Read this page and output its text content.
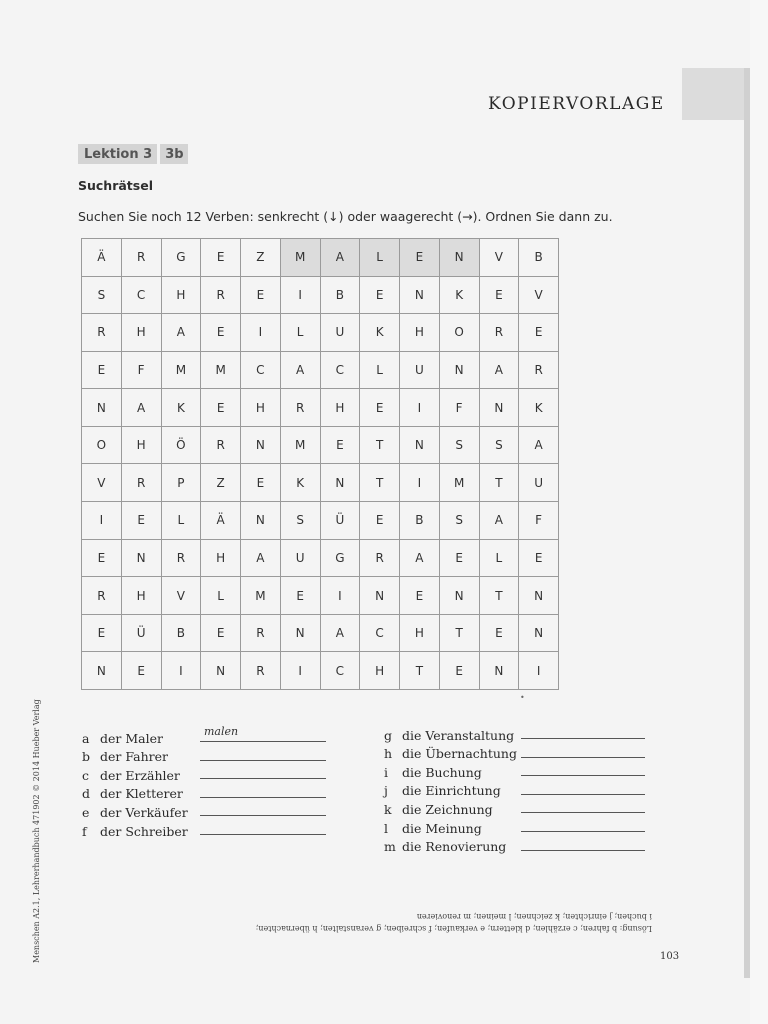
KOPIERVORLAGE
Lektion 3 3b
Suchrätsel
Suchen Sie noch 12 Verben: senkrecht (↓) oder waagerecht (→). Ordnen Sie dann zu.
Ä	R	G	E	Z	M	A	L	E	N	V	B
S	C	H	R	E	I	B	E	N	K	E	V
R	H	A	E	I	L	U	K	H	O	R	E
E	F	M	M	C	A	C	L	U	N	A	R
N	A	K	E	H	R	H	E	I	F	N	K
O	H	Ö	R	N	M	E	T	N	S	S	A
V	R	P	Z	E	K	N	T	I	M	T	U
I	E	L	Ä	N	S	Ü	E	B	S	A	F
E	N	R	H	A	U	G	R	A	E	L	E
R	H	V	L	M	E	I	N	E	N	T	N
E	Ü	B	E	R	N	A	C	H	T	E	N
N	E	I	N	R	I	C	H	T	E	N	I
•
a der Maler	malen
b der Fahrer
c der Erzähler
d der Kletterer
e der Verkäufer
f	der Schreiber
g die Veranstaltung
h die Übernachtung
i	die Buchung
j	die Einrichtung
k die Zeichnung
l	die Meinung
m die Renovierung
Menschen A2.1, Lehrerhandbuch 471902 © 2014 Hueber Verlag	Lösung: b fahren; c erzählen; d klettern; e verkaufen; f schreiben; g veranstalten; h übernachten;
i buchen; j einrichten; k zeichnen; l meinen; m renovieren
103
